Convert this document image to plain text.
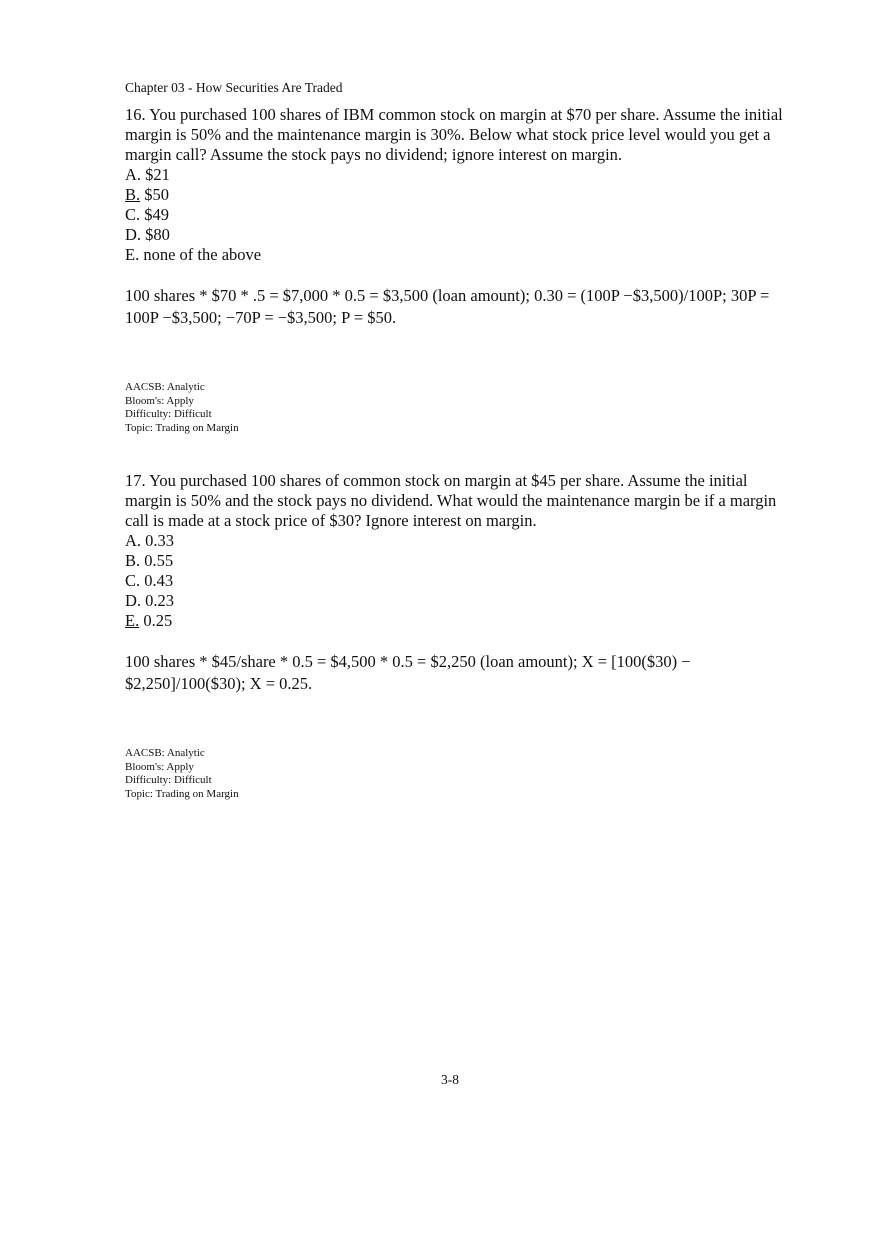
Chapter 03 - How Securities Are Traded

16. You purchased 100 shares of IBM common stock on margin at $70 per share. Assume the initial margin is 50% and the maintenance margin is 30%. Below what stock price level would you get a margin call? Assume the stock pays no dividend; ignore interest on margin.

A. $21
B. $50
C. $49
D. $80
E. none of the above
100 shares * $70 * .5 = $7,000 * 0.5 = $3,500 (loan amount); 0.30 = (100P −$3,500)/100P; 30P = 100P −$3,500; −70P = −$3,500; P = $50.
AACSB: Analytic
Bloom's: Apply
Difficulty: Difficult
Topic: Trading on Margin

17. You purchased 100 shares of common stock on margin at $45 per share. Assume the initial margin is 50% and the stock pays no dividend. What would the maintenance margin be if a margin call is made at a stock price of $30? Ignore interest on margin.

A. 0.33
B. 0.55
C. 0.43
D. 0.23
E. 0.25
100 shares * $45/share * 0.5 = $4,500 * 0.5 = $2,250 (loan amount); X = [100($30) − $2,250]/100($30); X = 0.25.
AACSB: Analytic
Bloom's: Apply
Difficulty: Difficult
Topic: Trading on Margin
3-8
